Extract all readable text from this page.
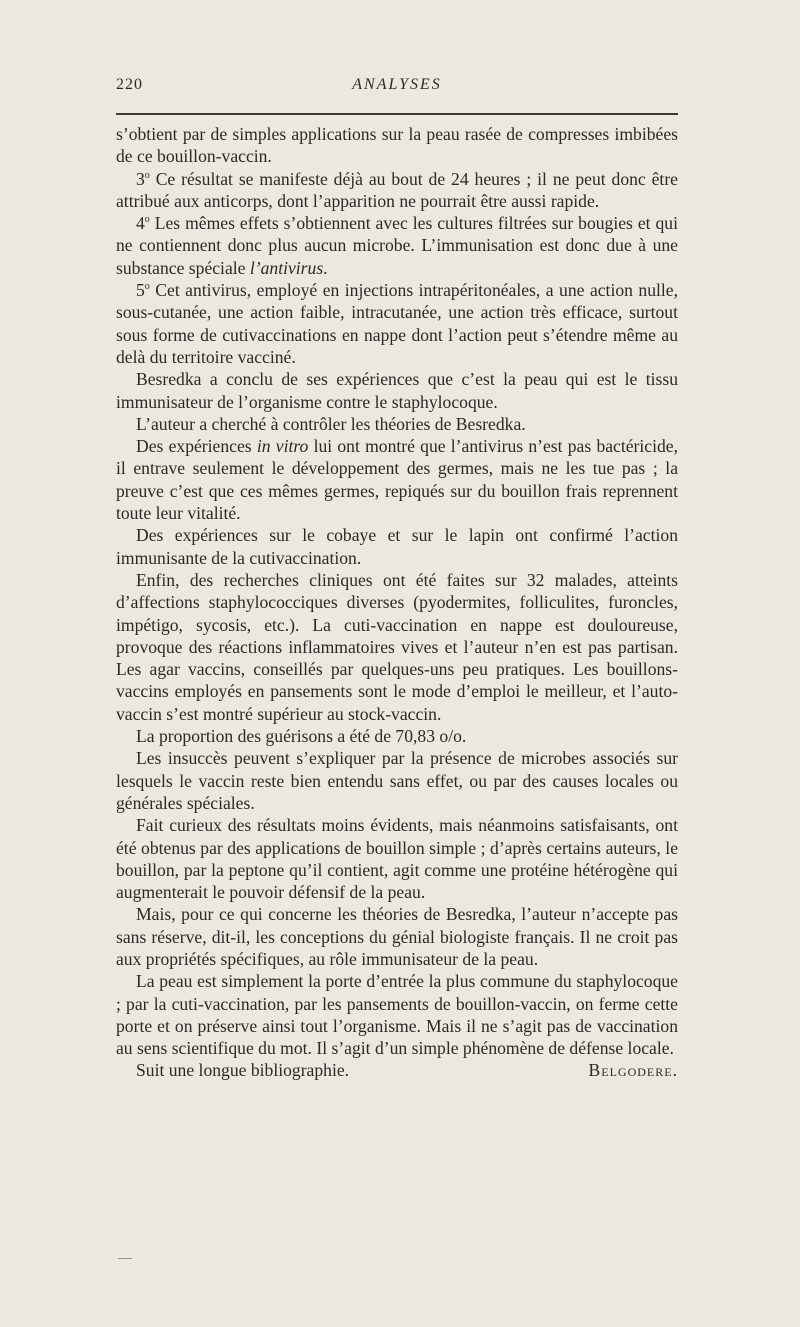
220	ANALYSES

s’obtient par de simples applications sur la peau rasée de compresses imbibées de ce bouillon-vaccin.

3$^o$ Ce résultat se manifeste déjà au bout de 24 heures ; il ne peut donc être attribué aux anticorps, dont l’apparition ne pourrait être aussi rapide.

4$^o$ Les mêmes effets s’obtiennent avec les cultures filtrées sur bougies et qui ne contiennent donc plus aucun microbe. L’immunisation est donc due à une substance spéciale l’antivirus.

5$^o$ Cet antivirus, employé en injections intrapéritonéales, a une action nulle, sous-cutanée, une action faible, intracutanée, une action très efficace, surtout sous forme de cutivaccinations en nappe dont l’action peut s’étendre même au delà du territoire vacciné.

Besredka a conclu de ses expériences que c’est la peau qui est le tissu immunisateur de l’organisme contre le staphylocoque.

L’auteur a cherché à contrôler les théories de Besredka.

Des expériences in vitro lui ont montré que l’antivirus n’est pas bactéricide, il entrave seulement le développement des germes, mais ne les tue pas ; la preuve c’est que ces mêmes germes, repiqués sur du bouillon frais reprennent toute leur vitalité.

Des expériences sur le cobaye et sur le lapin ont confirmé l’action immunisante de la cutivaccination.

Enfin, des recherches cliniques ont été faites sur 32 malades, atteints d’affections staphylococciques diverses (pyodermites, folliculites, furoncles, impétigo, sycosis, etc.). La cuti-vaccination en nappe est douloureuse, provoque des réactions inflammatoires vives et l’auteur n’en est pas partisan. Les agar vaccins, conseillés par quelques-uns peu pratiques. Les bouillons-vaccins employés en pansements sont le mode d’emploi le meilleur, et l’auto-vaccin s’est montré supérieur au stock-vaccin.

La proportion des guérisons a été de 70,83 o/o.

Les insuccès peuvent s’expliquer par la présence de microbes associés sur lesquels le vaccin reste bien entendu sans effet, ou par des causes locales ou générales spéciales.

Fait curieux des résultats moins évidents, mais néanmoins satisfaisants, ont été obtenus par des applications de bouillon simple ; d’après certains auteurs, le bouillon, par la peptone qu’il contient, agit comme une protéine hétérogène qui augmenterait le pouvoir défensif de la peau.

Mais, pour ce qui concerne les théories de Besredka, l’auteur n’accepte pas sans réserve, dit-il, les conceptions du génial biologiste français. Il ne croit pas aux propriétés spécifiques, au rôle immunisateur de la peau.

La peau est simplement la porte d’entrée la plus commune du staphylocoque ; par la cuti-vaccination, par les pansements de bouillon-vaccin, on ferme cette porte et on préserve ainsi tout l’organisme. Mais il ne s’agit pas de vaccination au sens scientifique du mot. Il s’agit d’un simple phénomène de défense locale.

Suit une longue bibliographie.	Belgodere.
